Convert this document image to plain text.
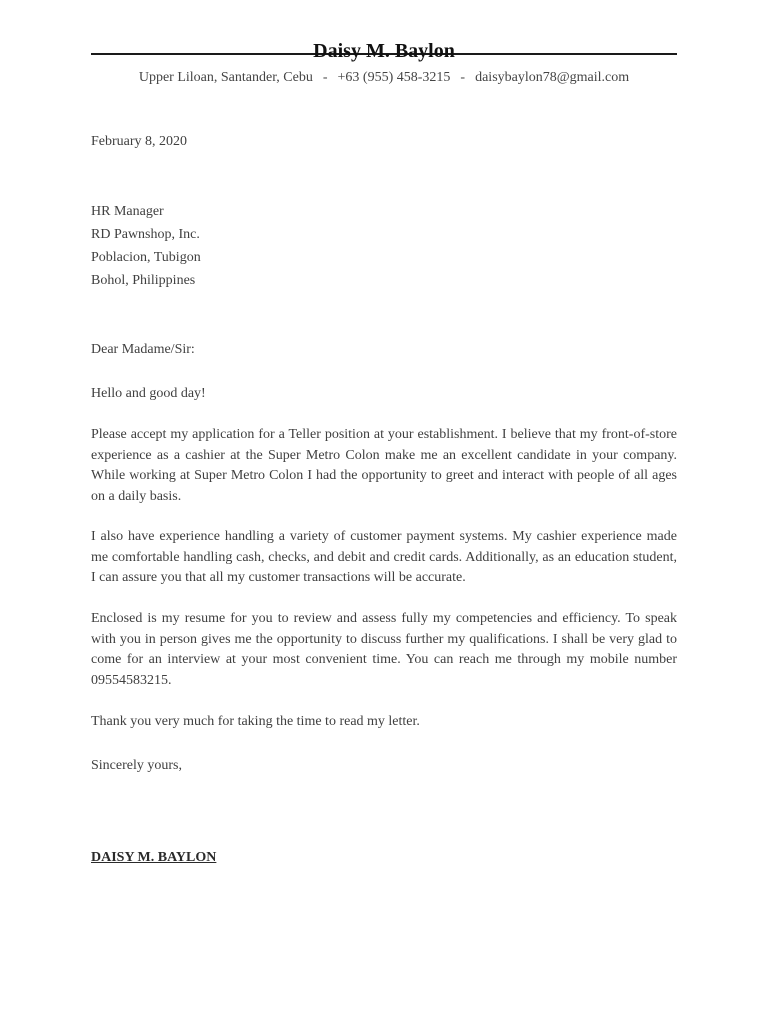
Daisy M. Baylon

Upper Liloan, Santander, Cebu - +63 (955) 458-3215 - daisybaylon78@gmail.com

February 8, 2020

HR Manager
RD Pawnshop, Inc.
Poblacion, Tubigon
Bohol, Philippines

Dear Madame/Sir:

Hello and good day!

Please accept my application for a Teller position at your establishment. I believe that my front-of-store experience as a cashier at the Super Metro Colon make me an excellent candidate in your company. While working at Super Metro Colon I had the opportunity to greet and interact with people of all ages on a daily basis.

I also have experience handling a variety of customer payment systems. My cashier experience made me comfortable handling cash, checks, and debit and credit cards. Additionally, as an education student, I can assure you that all my customer transactions will be accurate.

Enclosed is my resume for you to review and assess fully my competencies and efficiency. To speak with you in person gives me the opportunity to discuss further my qualifications. I shall be very glad to come for an interview at your most convenient time. You can reach me through my mobile number 09554583215.

Thank you very much for taking the time to read my letter.

Sincerely yours,

DAISY M. BAYLON
